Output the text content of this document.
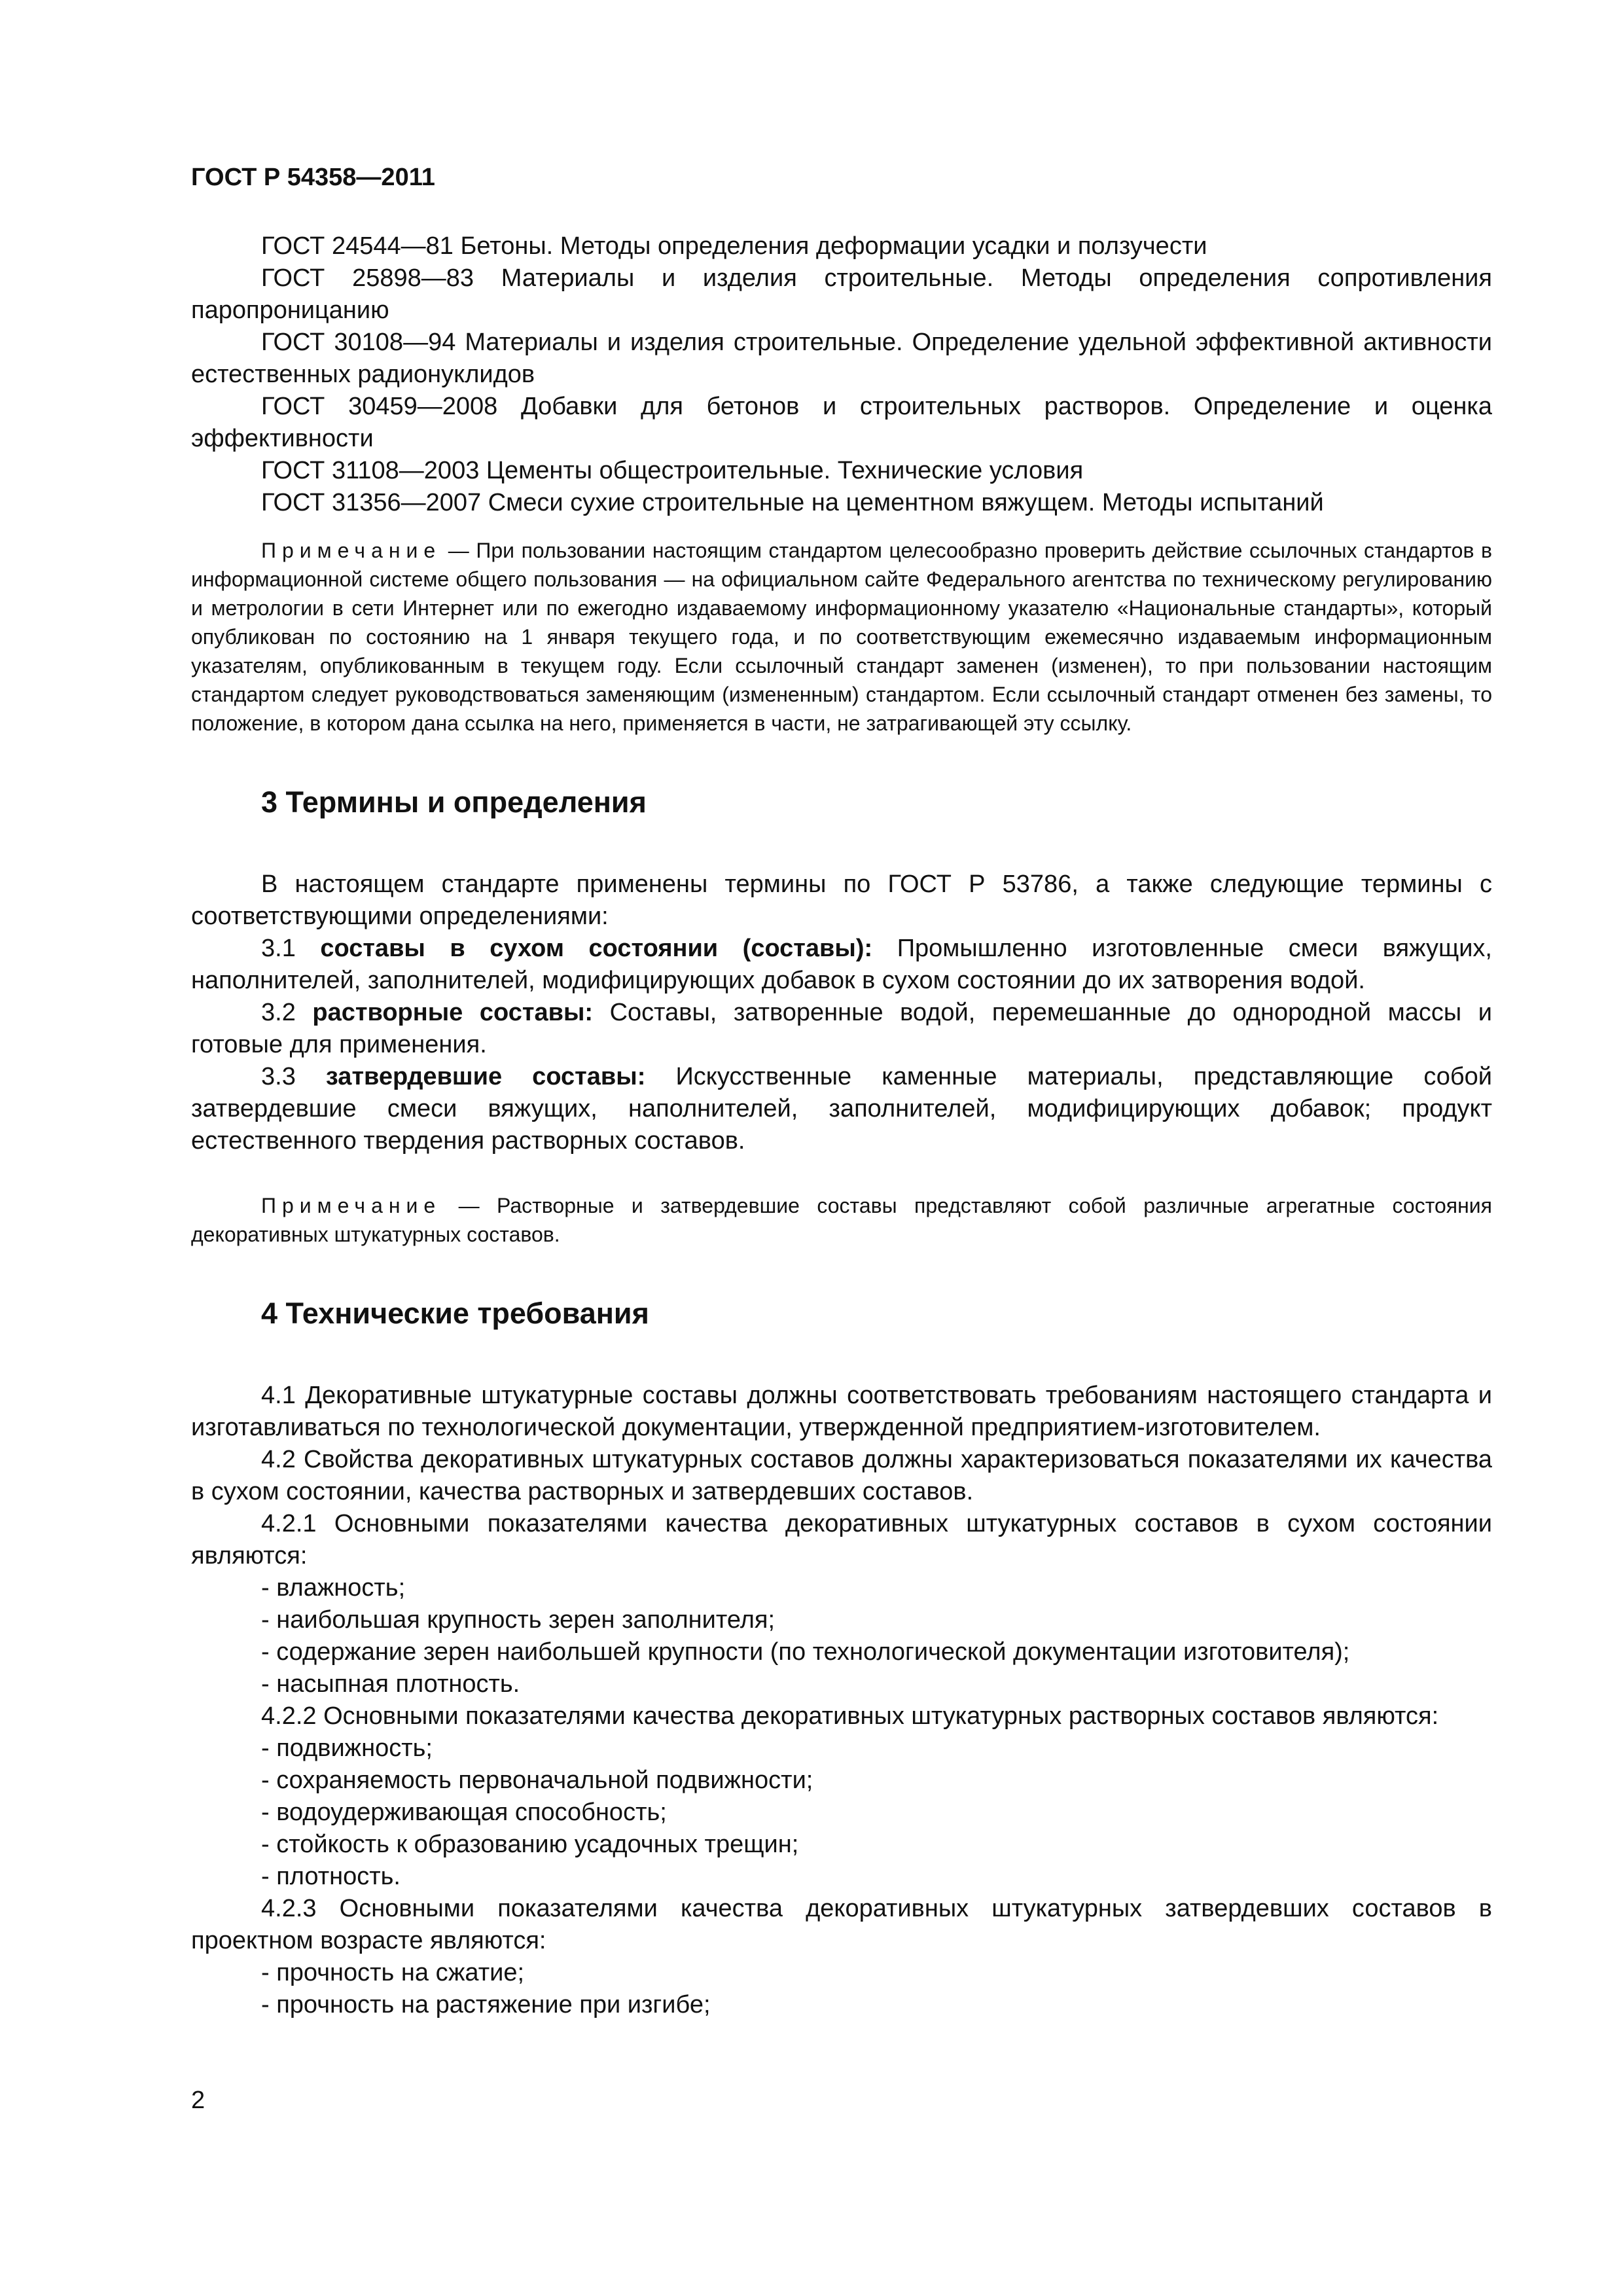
ГОСТ Р 54358—2011

ГОСТ 24544—81 Бетоны. Методы определения деформации усадки и ползучести

ГОСТ 25898—83 Материалы и изделия строительные. Методы определения сопротивления паропроницанию

ГОСТ 30108—94 Материалы и изделия строительные. Определение удельной эффективной активности естественных радионуклидов

ГОСТ 30459—2008 Добавки для бетонов и строительных растворов. Определение и оценка эффективности

ГОСТ 31108—2003 Цементы общестроительные. Технические условия

ГОСТ 31356—2007 Смеси сухие строительные на цементном вяжущем. Методы испытаний

Примечание — При пользовании настоящим стандартом целесообразно проверить действие ссылочных стандартов в информационной системе общего пользования — на официальном сайте Федерального агентства по техническому регулированию и метрологии в сети Интернет или по ежегодно издаваемому информационному указателю «Национальные стандарты», который опубликован по состоянию на 1 января текущего года, и по соответствующим ежемесячно издаваемым информационным указателям, опубликованным в текущем году. Если ссылочный стандарт заменен (изменен), то при пользовании настоящим стандартом следует руководствоваться заменяющим (измененным) стандартом. Если ссылочный стандарт отменен без замены, то положение, в котором дана ссылка на него, применяется в части, не затрагивающей эту ссылку.

3 Термины и определения

В настоящем стандарте применены термины по ГОСТ Р 53786, а также следующие термины с соответствующими определениями:

3.1 составы в сухом состоянии (составы): Промышленно изготовленные смеси вяжущих, наполнителей, заполнителей, модифицирующих добавок в сухом состоянии до их затворения водой.

3.2 растворные составы: Составы, затворенные водой, перемешанные до однородной массы и готовые для применения.

3.3 затвердевшие составы: Искусственные каменные материалы, представляющие собой затвердевшие смеси вяжущих, наполнителей, заполнителей, модифицирующих добавок; продукт естественного твердения растворных составов.

Примечание — Растворные и затвердевшие составы представляют собой различные агрегатные состояния декоративных штукатурных составов.

4 Технические требования

4.1 Декоративные штукатурные составы должны соответствовать требованиям настоящего стандарта и изготавливаться по технологической документации, утвержденной предприятием-изготовителем.

4.2 Свойства декоративных штукатурных составов должны характеризоваться показателями их качества в сухом состоянии, качества растворных и затвердевших составов.

4.2.1 Основными показателями качества декоративных штукатурных составов в сухом состоянии являются:

- влажность;
- наибольшая крупность зерен заполнителя;
- содержание зерен наибольшей крупности (по технологической документации изготовителя);
- насыпная плотность.

4.2.2 Основными показателями качества декоративных штукатурных растворных составов являются:

- подвижность;
- сохраняемость первоначальной подвижности;
- водоудерживающая способность;
- стойкость к образованию усадочных трещин;
- плотность.

4.2.3 Основными показателями качества декоративных штукатурных затвердевших составов в проектном возрасте являются:

- прочность на сжатие;
- прочность на растяжение при изгибе;
2
